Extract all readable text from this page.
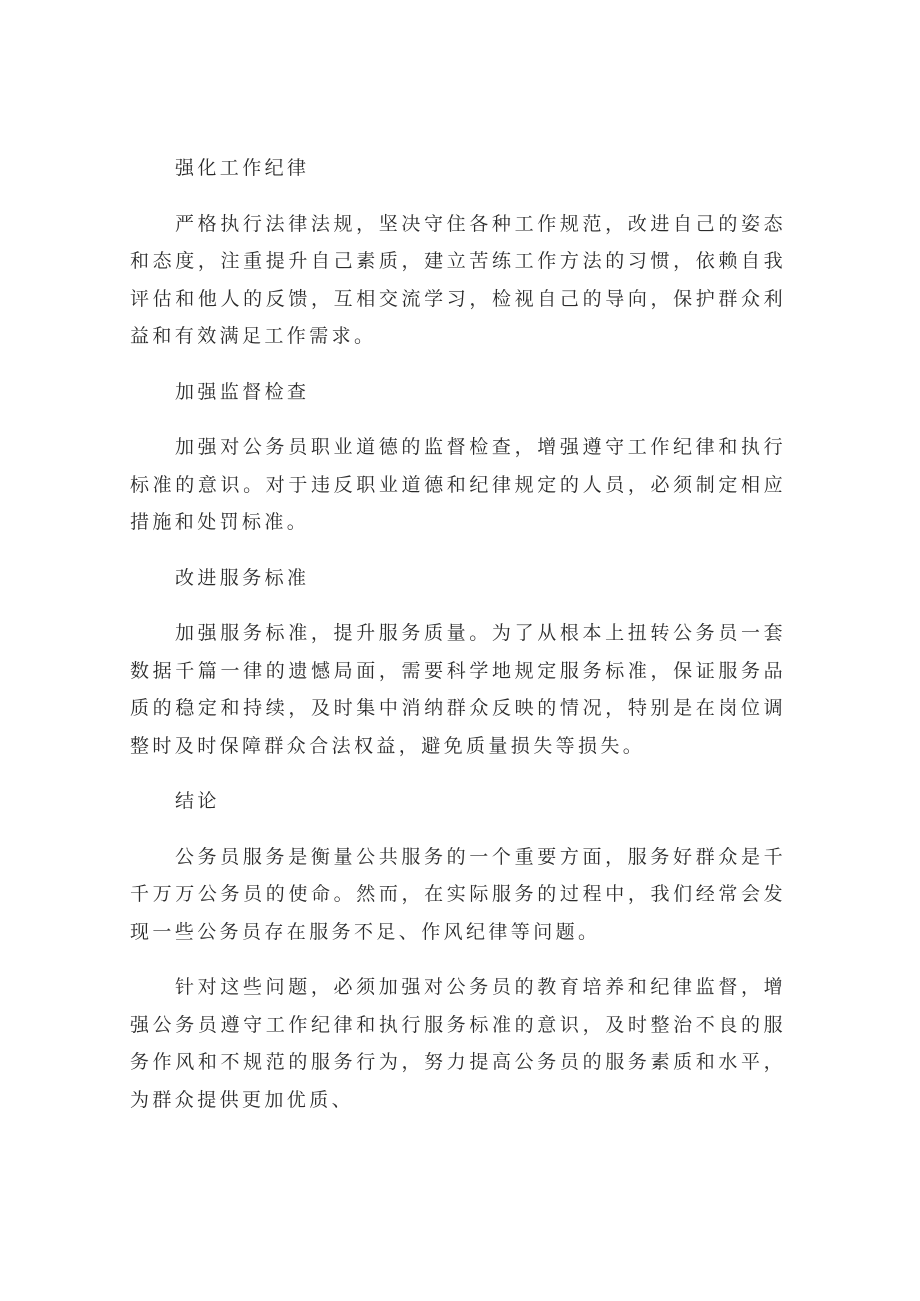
强化工作纪律

严格执行法律法规，坚决守住各种工作规范，改进自己的姿态和态度，注重提升自己素质，建立苦练工作方法的习惯，依赖自我评估和他人的反馈，互相交流学习，检视自己的导向，保护群众利益和有效满足工作需求。

加强监督检查

加强对公务员职业道德的监督检查，增强遵守工作纪律和执行标准的意识。对于违反职业道德和纪律规定的人员，必须制定相应措施和处罚标准。

改进服务标准

加强服务标准，提升服务质量。为了从根本上扭转公务员一套数据千篇一律的遗憾局面，需要科学地规定服务标准，保证服务品质的稳定和持续，及时集中消纳群众反映的情况，特别是在岗位调整时及时保障群众合法权益，避免质量损失等损失。

结论

公务员服务是衡量公共服务的一个重要方面，服务好群众是千千万万公务员的使命。然而，在实际服务的过程中，我们经常会发现一些公务员存在服务不足、作风纪律等问题。

针对这些问题，必须加强对公务员的教育培养和纪律监督，增强公务员遵守工作纪律和执行服务标准的意识，及时整治不良的服务作风和不规范的服务行为，努力提高公务员的服务素质和水平，为群众提供更加优质、
